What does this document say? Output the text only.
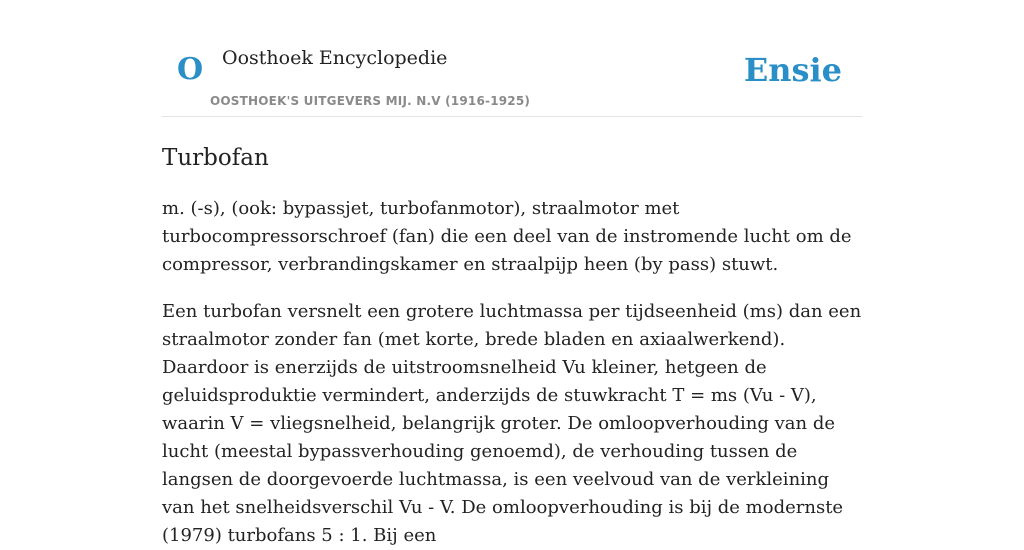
O Oosthoek Encyclopedie
OOSTHOEK'S UITGEVERS MIJ. N.V (1916-1925)
Ensie
Turbofan

m. (-s), (ook: bypassjet, turbofanmotor), straalmotor met turbocompressorschroef (fan) die een deel van de instromende lucht om de compressor, verbrandingskamer en straalpijp heen (by pass) stuwt.

Een turbofan versnelt een grotere luchtmassa per tijdseenheid (ms) dan een straalmotor zonder fan (met korte, brede bladen en axiaalwerkend). Daardoor is enerzijds de uitstroomsnelheid Vu kleiner, hetgeen de geluidsproduktie vermindert, anderzijds de stuwkracht T = ms (Vu - V), waarin V = vliegsnelheid, belangrijk groter. De omloopverhouding van de lucht (meestal bypassverhouding genoemd), de verhouding tussen de langsen de doorgevoerde luchtmassa, is een veelvoud van de verkleining van het snelheidsverschil Vu - V. De omloopverhouding is bij de modernste (1979) turbofans 5 : 1. Bij een
